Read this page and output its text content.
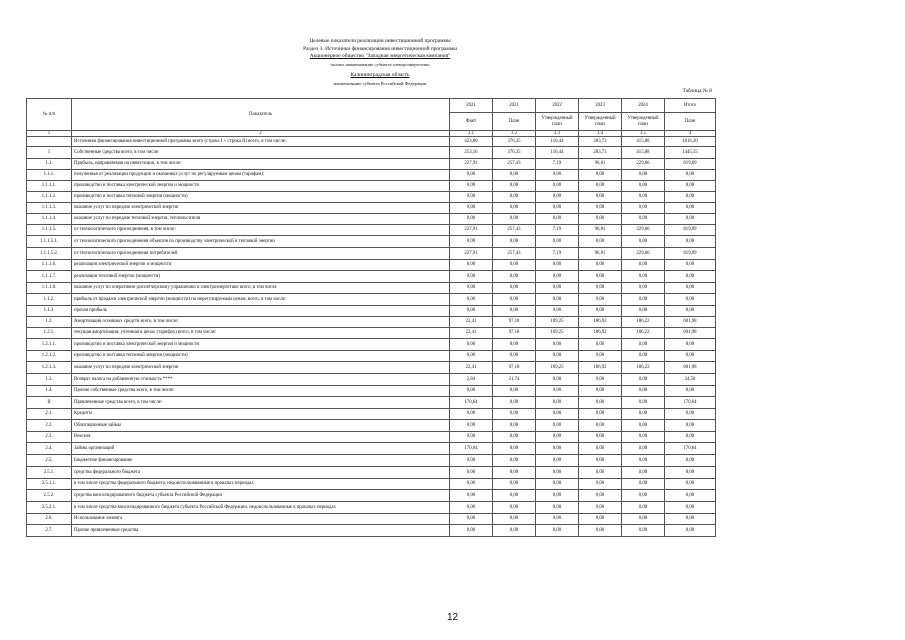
Целевые показатели реализации инвестиционной программы
Раздел 3. Источники финансирования инвестиционной программы
Акционерное общество "Западная энергетическая компания"
полное наименование субъекта электроэнергетики
Калининградская область
наименование субъекта Российской Федерации
Таблица № 8
№ п/п	Показатель	2021	2021	2022	2023	2024	Итого
		Факт	План	Утвержденный план	Утвержденный план	Утвержденный план	План
1	2	3.1	3.2	3.3	3.4	3.5	4
	Источники финансирования инвестиционной программы всего (строка I + строка II) всего, в том числе:	423,80	376,35	116,44	283,73	415,88	1616,20
I	Собственные средства всего, в том числе:	253,16	376,35	116,44	283,73	415,88	1445,55
1.1.	Прибыль, направляемая на инвестиции, в том числе:	227,91	257,43	7,19	96,81	229,66	819,09
1.1.1.	полученная от реализации продукции и оказанных услуг по регулируемым ценам (тарифам):	0,00	0,00	0,00	0,00	0,00	0,00
1.1.1.1.	производство и поставка электрической энергии и мощности	0,00	0,00	0,00	0,00	0,00	0,00
1.1.1.2.	производство и поставка тепловой энергии (мощности)	0,00	0,00	0,00	0,00	0,00	0,00
1.1.1.3.	оказание услуг по передаче электрической энергии	0,00	0,00	0,00	0,00	0,00	0,00
1.1.1.4.	оказание услуг по передаче тепловой энергии, теплоносителя	0,00	0,00	0,00	0,00	0,00	0,00
1.1.1.5.	от технологического присоединения, в том числе:	227,91	257,43	7,19	96,81	229,66	819,09
1.1.1.5.1.	от технологического присоединения объектов по производству электрической и тепловой энергии	0,00	0,00	0,00	0,00	0,00	0,00
1.1.1.5.2.	от технологического присоединения потребителей	227,91	257,43	7,19	96,81	229,66	819,09
1.1.1.6.	реализация электрической энергии и мощности	0,00	0,00	0,00	0,00	0,00	0,00
1.1.1.7.	реализация тепловой энергии (мощности)	0,00	0,00	0,00	0,00	0,00	0,00
1.1.1.8.	оказание услуг по оперативно-диспетчерскому управлению в электроэнергетике всего, в том числе	0,00	0,00	0,00	0,00	0,00	0,00
1.1.2.	прибыль от продажи электрической энергии (мощности) по нерегулируемым ценам, всего, в том числе:	0,00	0,00	0,00	0,00	0,00	0,00
1.1.3.	прочая прибыль	0,00	0,00	0,00	0,00	0,00	0,00
1.2.	Амортизация основных средств всего, в том числе:	22,41	97,18	109,25	186,92	186,22	601,98
1.2.1.	текущая амортизация, учтенная в ценах (тарифах) всего, в том числе:	22,41	97,18	109,25	186,92	186,22	601,98
1.2.1.1.	производство и поставка электрической энергии и мощности	0,00	0,00	0,00	0,00	0,00	0,00
1.2.1.2.	производство и поставка тепловой энергии (мощности)	0,00	0,00	0,00	0,00	0,00	0,00
1.2.1.3.	оказание услуг по передаче электрической энергии	22,41	97,18	109,25	186,92	186,22	601,98
1.3.	Возврат налога на добавленную стоимость ****	2,84	21,74	0,00	0,00	0,00	24,58
1.4.	Прочие собственные средства всего, в том числе:	0,00	0,00	0,00	0,00	0,00	0,00
II	Привлеченные средства всего, в том числе:	170,64	0,00	0,00	0,00	0,00	170,64
2.1.	Кредиты	0,00	0,00	0,00	0,00	0,00	0,00
2.2.	Облигационные займы	0,00	0,00	0,00	0,00	0,00	0,00
2.3.	Векселя	0,00	0,00	0,00	0,00	0,00	0,00
2.4.	Займы организаций	170,64	0,00	0,00	0,00	0,00	170,64
2.5.	Бюджетное финансирование	0,00	0,00	0,00	0,00	0,00	0,00
2.5.1.	средства федерального бюджета	0,00	0,00	0,00	0,00	0,00	0,00
2.5.1.1.	в том числе средства федерального бюджета, недоиспользованные в прошлых периодах	0,00	0,00	0,00	0,00	0,00	0,00
2.5.2.	средства консолидированного бюджета субъекта Российской Федерации	0,00	0,00	0,00	0,00	0,00	0,00
2.5.2.1.	в том числе средства консолидированного бюджета субъекта Российской Федерации, недоиспользованные в прошлых периодах	0,00	0,00	0,00	0,00	0,00	0,00
2.6.	Использование лизинга	0,00	0,00	0,00	0,00	0,00	0,00
2.7.	Прочие привлеченные средства	0,00	0,00	0,00	0,00	0,00	0,00
12
